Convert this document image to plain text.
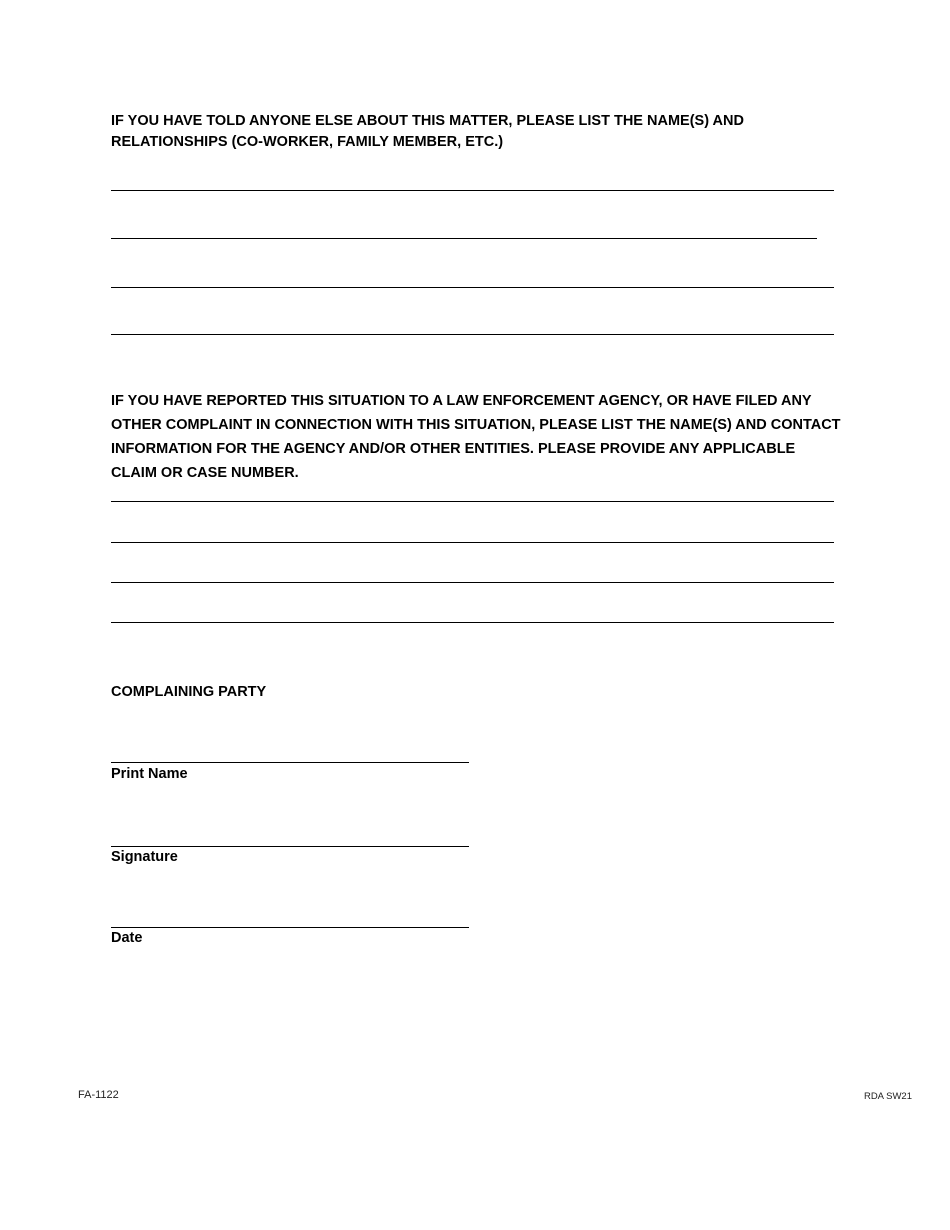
IF YOU HAVE TOLD ANYONE ELSE ABOUT THIS MATTER, PLEASE LIST THE NAME(S) AND RELATIONSHIPS (CO-WORKER, FAMILY MEMBER, ETC.)

IF YOU HAVE REPORTED THIS SITUATION TO A LAW ENFORCEMENT AGENCY, OR HAVE FILED ANY OTHER COMPLAINT IN CONNECTION WITH THIS SITUATION, PLEASE LIST THE NAME(S) AND CONTACT INFORMATION FOR THE AGENCY AND/OR OTHER ENTITIES. PLEASE PROVIDE ANY APPLICABLE CLAIM OR CASE NUMBER.

COMPLAINING PARTY

Print Name

Signature

Date

FA-1122	RDA SW21
